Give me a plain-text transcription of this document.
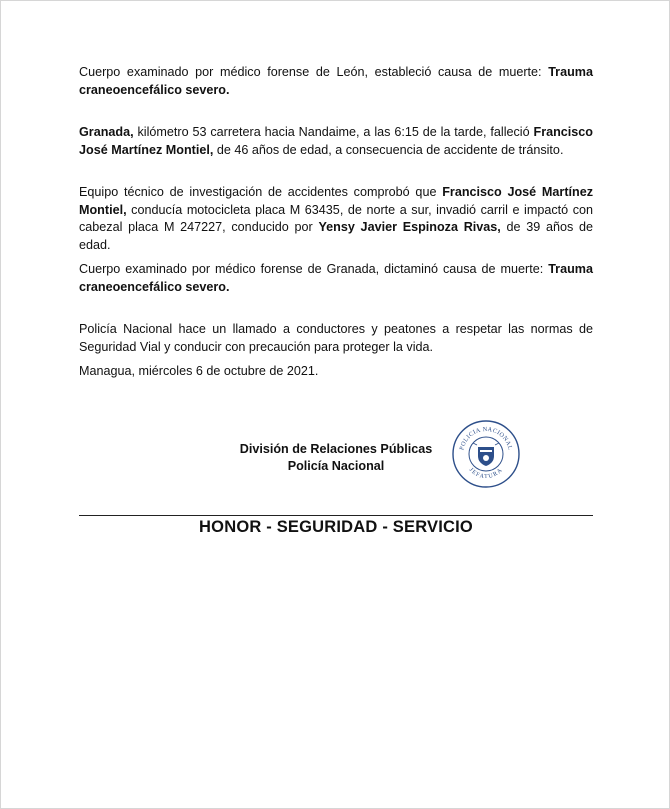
Cuerpo examinado por médico forense de León, estableció causa de muerte: Trauma craneoencefálico severo.

Granada, kilómetro 53 carretera hacia Nandaime, a las 6:15 de la tarde, falleció Francisco José Martínez Montiel, de 46 años de edad, a consecuencia de accidente de tránsito.

Equipo técnico de investigación de accidentes comprobó que Francisco José Martínez Montiel, conducía motocicleta placa M 63435, de norte a sur, invadió carril e impactó con cabezal placa M 247227, conducido por Yensy Javier Espinoza Rivas, de 39 años de edad.

Cuerpo examinado por médico forense de Granada, dictaminó causa de muerte: Trauma craneoencefálico severo.

Policía Nacional hace un llamado a conductores y peatones a respetar las normas de Seguridad Vial y conducir con precaución para proteger la vida.

Managua, miércoles 6 de octubre de 2021.

División de Relaciones Públicas
Policía Nacional
POLICIA NACIONAL
JEFATURA
HONOR - SEGURIDAD - SERVICIO
